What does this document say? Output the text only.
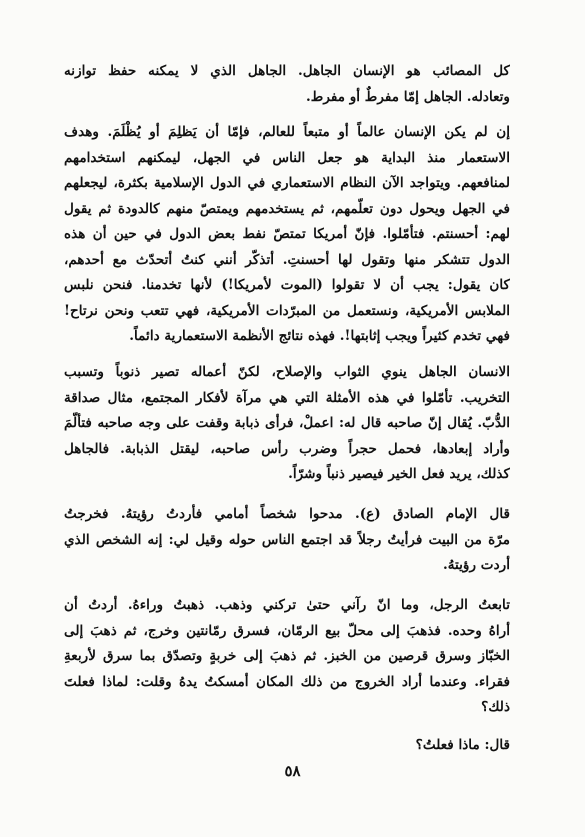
كل المصائب هو الإنسان الجاهل. الجاهل الذي لا يمكنه حفظ توازنه
وتعادله. الجاهل إمّا مفرطٌ أو مفرط.
إن لم يكن الإنسان عالماً أو متبعاً للعالم، فإمّا أن يَظلِمَ أو يُظْلَمَ. وهدف
الاستعمار منذ البداية هو جعل الناس في الجهل، ليمكنهم استخدامهم
لمنافعهم. ويتواجد الآن النظام الاستعماري في الدول الإسلامية بكثرة، ليجعلهم
في الجهل ويحول دون تعلّمهم، ثم يستخدمهم ويمتصّ منهم كالدودة ثم يقول
لهم: أحسنتم. فتأمّلوا. فإنّ أمريكا تمتصّ نفط بعض الدول في حين أن هذه
الدول تتشكر منها وتقول لها أحسنتِ. أتذكّر أنني كنتُ أتحدّث مع أحدهم،
كان يقول: يجب أن لا تقولوا (الموت لأمريكا!) لأنها تخدمنا. فنحن نلبس
الملابس الأمريكية، ونستعمل من المبرّدات الأمريكية، فهي تتعب ونحن نرتاح!
فهي تخدم كثيراً ويجب إثابتها!. فهذه نتائج الأنظمة الاستعمارية دائماً.
الانسان الجاهل ينوي الثواب والإصلاح، لكنّ أعماله تصير ذنوباً وتسبب
التخريب. تأمّلوا في هذه الأمثلة التي هي مرآة لأفكار المجتمع، مثال صداقة
الدُّبّ. يُقال إنّ صاحبه قال له: اعملْ، فرأى ذبابة وقفت على وجه صاحبه فتألّمَ
وأراد إبعادها، فحمل حجراً وضرب رأس صاحبه، ليقتل الذبابة. فالجاهل
كذلك، يريد فعل الخير فيصير ذنباً وشرّاً.
قال الإمام الصادق (ع). مدحوا شخصاً أمامي فأردتُ رؤيتهُ. فخرجتُ
مرّة من البيت فرأيتُ رجلاً قد اجتمع الناس حوله وقيل لي: إنه الشخص الذي
أردت رؤيتهُ.
تابعتُ الرجل، وما انّ رآني حتىٰ تركني وذهب. ذهبتُ وراءهُ. أردتُ أن
أراهُ وحده. فذهبَ إلى محلّ بيع الرمّان، فسرق رمّانتين وخرج، ثم ذهبَ إلى
الخبّاز وسرق قرصين من الخبز. ثم ذهبَ إلى خربةٍ وتصدّق بما سرق لأربعةِ
فقراء. وعندما أراد الخروج من ذلك المكان أمسكتُ يدهُ وقلت: لماذا فعلتَ
ذلك؟
قال: ماذا فعلتُ؟
٥٨
